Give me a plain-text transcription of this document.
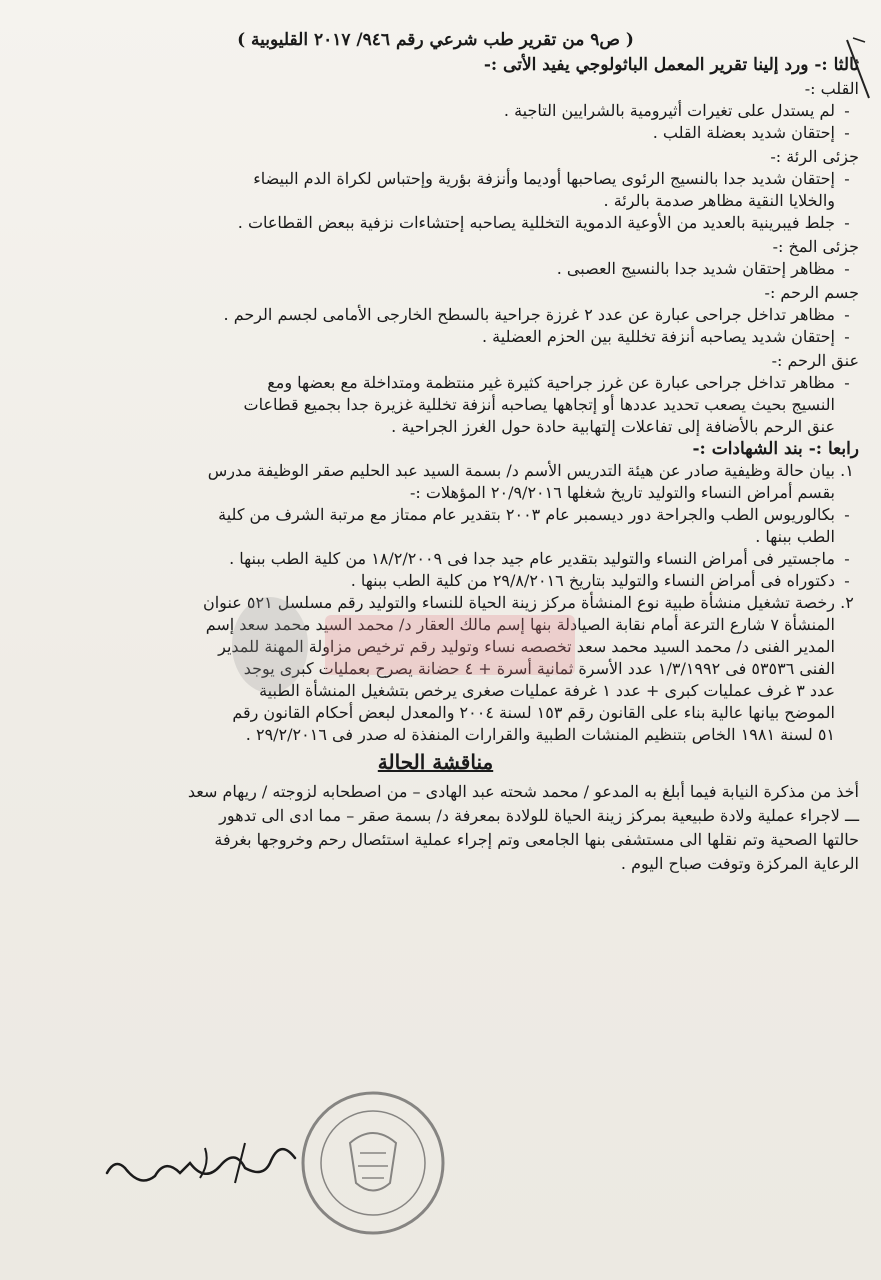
( ص٩ من تقرير طب شرعي رقم ٩٤٦/ ٢٠١٧ القليوبية )
ثالثا :- ورد إلينا تقرير المعمل الباثولوجي يفيد الأتى :-
القلب :-
-
لم يستدل على تغيرات أثيرومية بالشرايين التاجية .
-
إحتقان شديد بعضلة القلب .
جزئى الرئة :-
-
إحتقان شديد جدا بالنسيج الرئوى يصاحبها أوديما وأنزفة بؤرية وإحتباس لكراة الدم البيضاء
والخلايا النقية مظاهر صدمة بالرئة .
-
جلط فيبرينية بالعديد من الأوعية الدموية التخللية يصاحبه إحتشاءات نزفية ببعض القطاعات .
جزئى المخ :-
-
مظاهر إحتقان شديد جدا بالنسيج العصبى .
جسم الرحم :-
-
مظاهر تداخل جراحى عبارة عن عدد ٢ غرزة جراحية بالسطح الخارجى الأمامى لجسم الرحم .
-
إحتقان شديد يصاحبه أنزفة تخللية بين الحزم العضلية .
عنق الرحم :-
-
مظاهر تداخل جراحى عبارة عن غرز جراحية كثيرة غير منتظمة ومتداخلة مع بعضها ومع
النسيج بحيث يصعب تحديد عددها أو إتجاهها يصاحبه أنزفة تخللية غزيرة جدا بجميع قطاعات
عنق الرحم بالأضافة إلى تفاعلات إلتهابية حادة حول الغرز الجراحية .
رابعا :- بند الشهادات :-
١.
بيان حالة وظيفية صادر عن هيئة التدريس الأسم د/ بسمة السيد عبد الحليم صقر الوظيفة مدرس
بقسم أمراض النساء والتوليد تاريخ شغلها ٢٠/٩/٢٠١٦ المؤهلات :-
-
بكالوريوس الطب والجراحة دور ديسمبر عام ٢٠٠٣ بتقدير عام ممتاز مع مرتبة الشرف من كلية
الطب ببنها .
-
ماجستير فى أمراض النساء والتوليد بتقدير عام جيد جدا فى ١٨/٢/٢٠٠٩ من كلية الطب ببنها .
-
دكتوراه فى أمراض النساء والتوليد بتاريخ ٢٩/٨/٢٠١٦ من كلية الطب ببنها .
٢.
رخصة تشغيل منشأة طبية نوع المنشأة مركز زينة الحياة للنساء والتوليد رقم مسلسل ٥٢١ عنوان
المنشأة ٧ شارع الترعة أمام نقابة الصيادلة بنها إسم مالك العقار د/ محمد السيد محمد سعد إسم
المدير الفنى د/ محمد السيد محمد سعد تخصصه نساء وتوليد رقم ترخيص مزاولة المهنة للمدير
الفنى ٥٣٥٣٦ فى ١/٣/١٩٩٢ عدد الأسرة ثمانية أسرة + ٤ حضانة يصرح بعمليات كبرى يوجد
عدد ٣ غرف عمليات كبرى + عدد ١ غرفة عمليات صغرى يرخص بتشغيل المنشأة الطبية
الموضح بيانها عالية بناء على القانون رقم ١٥٣ لسنة ٢٠٠٤ والمعدل لبعض أحكام القانون رقم
٥١ لسنة ١٩٨١ الخاص بتنظيم المنشات الطبية والقرارات المنفذة له صدر فى ٢٩/٢/٢٠١٦ .
مناقشة الحالة
أخذ من مذكرة النيابة فيما أبلغ به المدعو / محمد شحته عبد الهادى – من اصطحابه لزوجته / ريهام سعد
ـــ لاجراء عملية ولادة طبيعية بمركز زينة الحياة للولادة بمعرفة د/ بسمة صقر – مما ادى الى تدهور
حالتها الصحية وتم نقلها الى مستشفى بنها الجامعى وتم إجراء عملية استئصال رحم وخروجها بغرفة
الرعاية المركزة وتوفت صباح اليوم .
